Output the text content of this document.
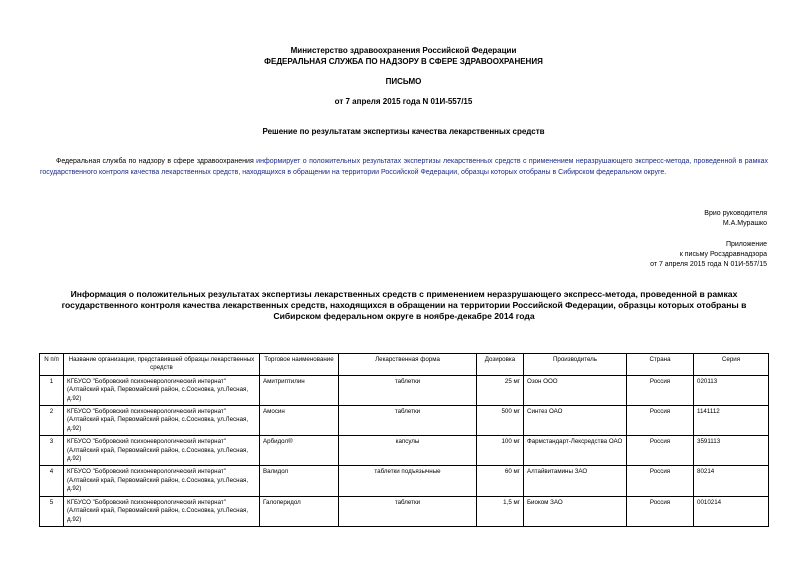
Министерство здравоохранения Российской Федерации
ФЕДЕРАЛЬНАЯ СЛУЖБА ПО НАДЗОРУ В СФЕРЕ ЗДРАВООХРАНЕНИЯ
ПИСЬМО
от 7 апреля 2015 года N 01И-557/15
Решение по результатам экспертизы качества лекарственных средств
Федеральная служба по надзору в сфере здравоохранения информирует о положительных результатах экспертизы лекарственных средств с применением неразрушающего экспресс-метода, проведенной в рамках государственного контроля качества лекарственных средств, находящихся в обращении на территории Российской Федерации, образцы которых отобраны в Сибирском федеральном округе.
Врио руководителя
М.А.Мурашко
Приложение
к письму Росздравнадзора
от 7 апреля 2015 года N 01И-557/15
Информация о положительных результатах экспертизы лекарственных средств с применением неразрушающего экспресс-метода, проведенной в рамках государственного контроля качества лекарственных средств, находящихся в обращении на территории Российской Федерации, образцы которых отобраны в Сибирском федеральном округе в ноябре-декабре 2014 года
N п/п	Название организации, представившей образцы лекарственных средств	Торговое наименование	Лекарственная форма	Дозировка	Производитель	Страна	Серия
1	КГБУСО "Бобровский психоневрологический интернат" (Алтайский край, Первомайский район, с.Сосновка, ул.Лесная, д.92)	Амитриптилин	таблетки	25 мг	Озон ООО	Россия	020113
2	КГБУСО "Бобровский психоневрологический интернат" (Алтайский край, Первомайский район, с.Сосновка, ул.Лесная, д.92)	Амосин	таблетки	500 мг	Синтез ОАО	Россия	1141112
3	КГБУСО "Бобровский психоневрологический интернат" (Алтайский край, Первомайский район, с.Сосновка, ул.Лесная, д.92)	Арбидол®	капсулы	100 мг	Фармстандарт-Лексредства ОАО	Россия	3591113
4	КГБУСО "Бобровский психоневрологический интернат" (Алтайский край, Первомайский район, с.Сосновка, ул.Лесная, д.92)	Валидол	таблетки подъязычные	60 мг	Алтайвитамины ЗАО	Россия	80214
5	КГБУСО "Бобровский психоневрологический интернат" (Алтайский край, Первомайский район, с.Сосновка, ул.Лесная, д.92)	Галоперидол	таблетки	1,5 мг	Биоком ЗАО	Россия	0010214
